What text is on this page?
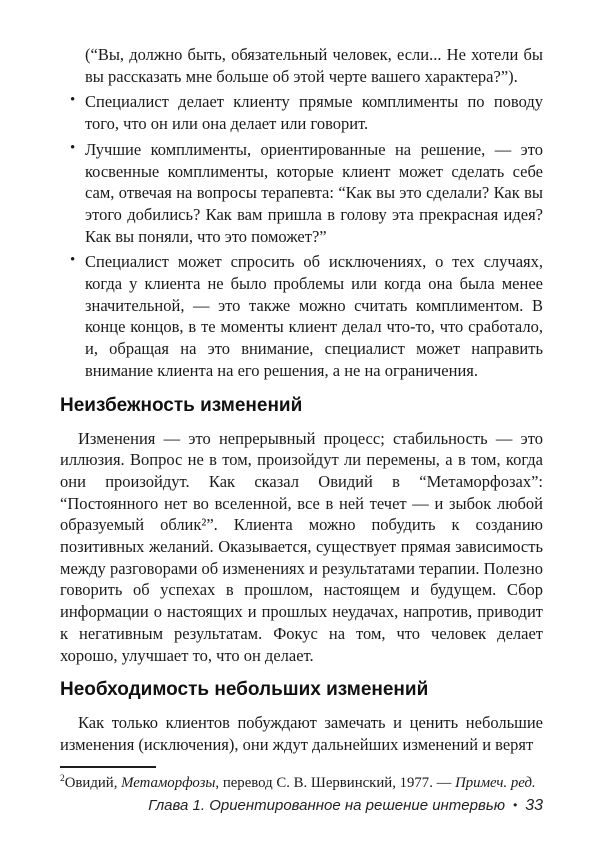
(“Вы, должно быть, обязательный человек, если... Не хотели бы вы рассказать мне больше об этой черте вашего характера?”).
• Специалист делает клиенту прямые комплименты по поводу того, что он или она делает или говорит.
• Лучшие комплименты, ориентированные на решение, — это косвенные комплименты, которые клиент может сделать себе сам, отвечая на вопросы терапевта: “Как вы это сделали? Как вы этого добились? Как вам пришла в голову эта прекрасная идея? Как вы поняли, что это поможет?”
• Специалист может спросить об исключениях, о тех случаях, когда у клиента не было проблемы или когда она была менее значительной, — это также можно считать комплиментом. В конце концов, в те моменты клиент делал что-то, что сработало, и, обращая на это внимание, специалист может направить внимание клиента на его решения, а не на ограничения.
Неизбежность изменений

Изменения — это непрерывный процесс; стабильность — это иллюзия. Вопрос не в том, произойдут ли перемены, а в том, когда они произойдут. Как сказал Овидий в “Метаморфозах”: “Постоянного нет во вселенной, все в ней течет — и зыбок любой образуемый облик²”. Клиента можно побудить к созданию позитивных желаний. Оказывается, существует прямая зависимость между разговорами об изменениях и результатами терапии. Полезно говорить об успехах в прошлом, настоящем и будущем. Сбор информации о настоящих и прошлых неудачах, напротив, приводит к негативным результатам. Фокус на том, что человек делает хорошо, улучшает то, что он делает.

Необходимость небольших изменений

Как только клиентов побуждают замечать и ценить небольшие изменения (исключения), они ждут дальнейших изменений и верят

$^2$Овидий, Метаморфозы, перевод С. В. Шервинский, 1977. — Примеч. ред.

Глава 1. Ориентированное на решение интервью • 33
